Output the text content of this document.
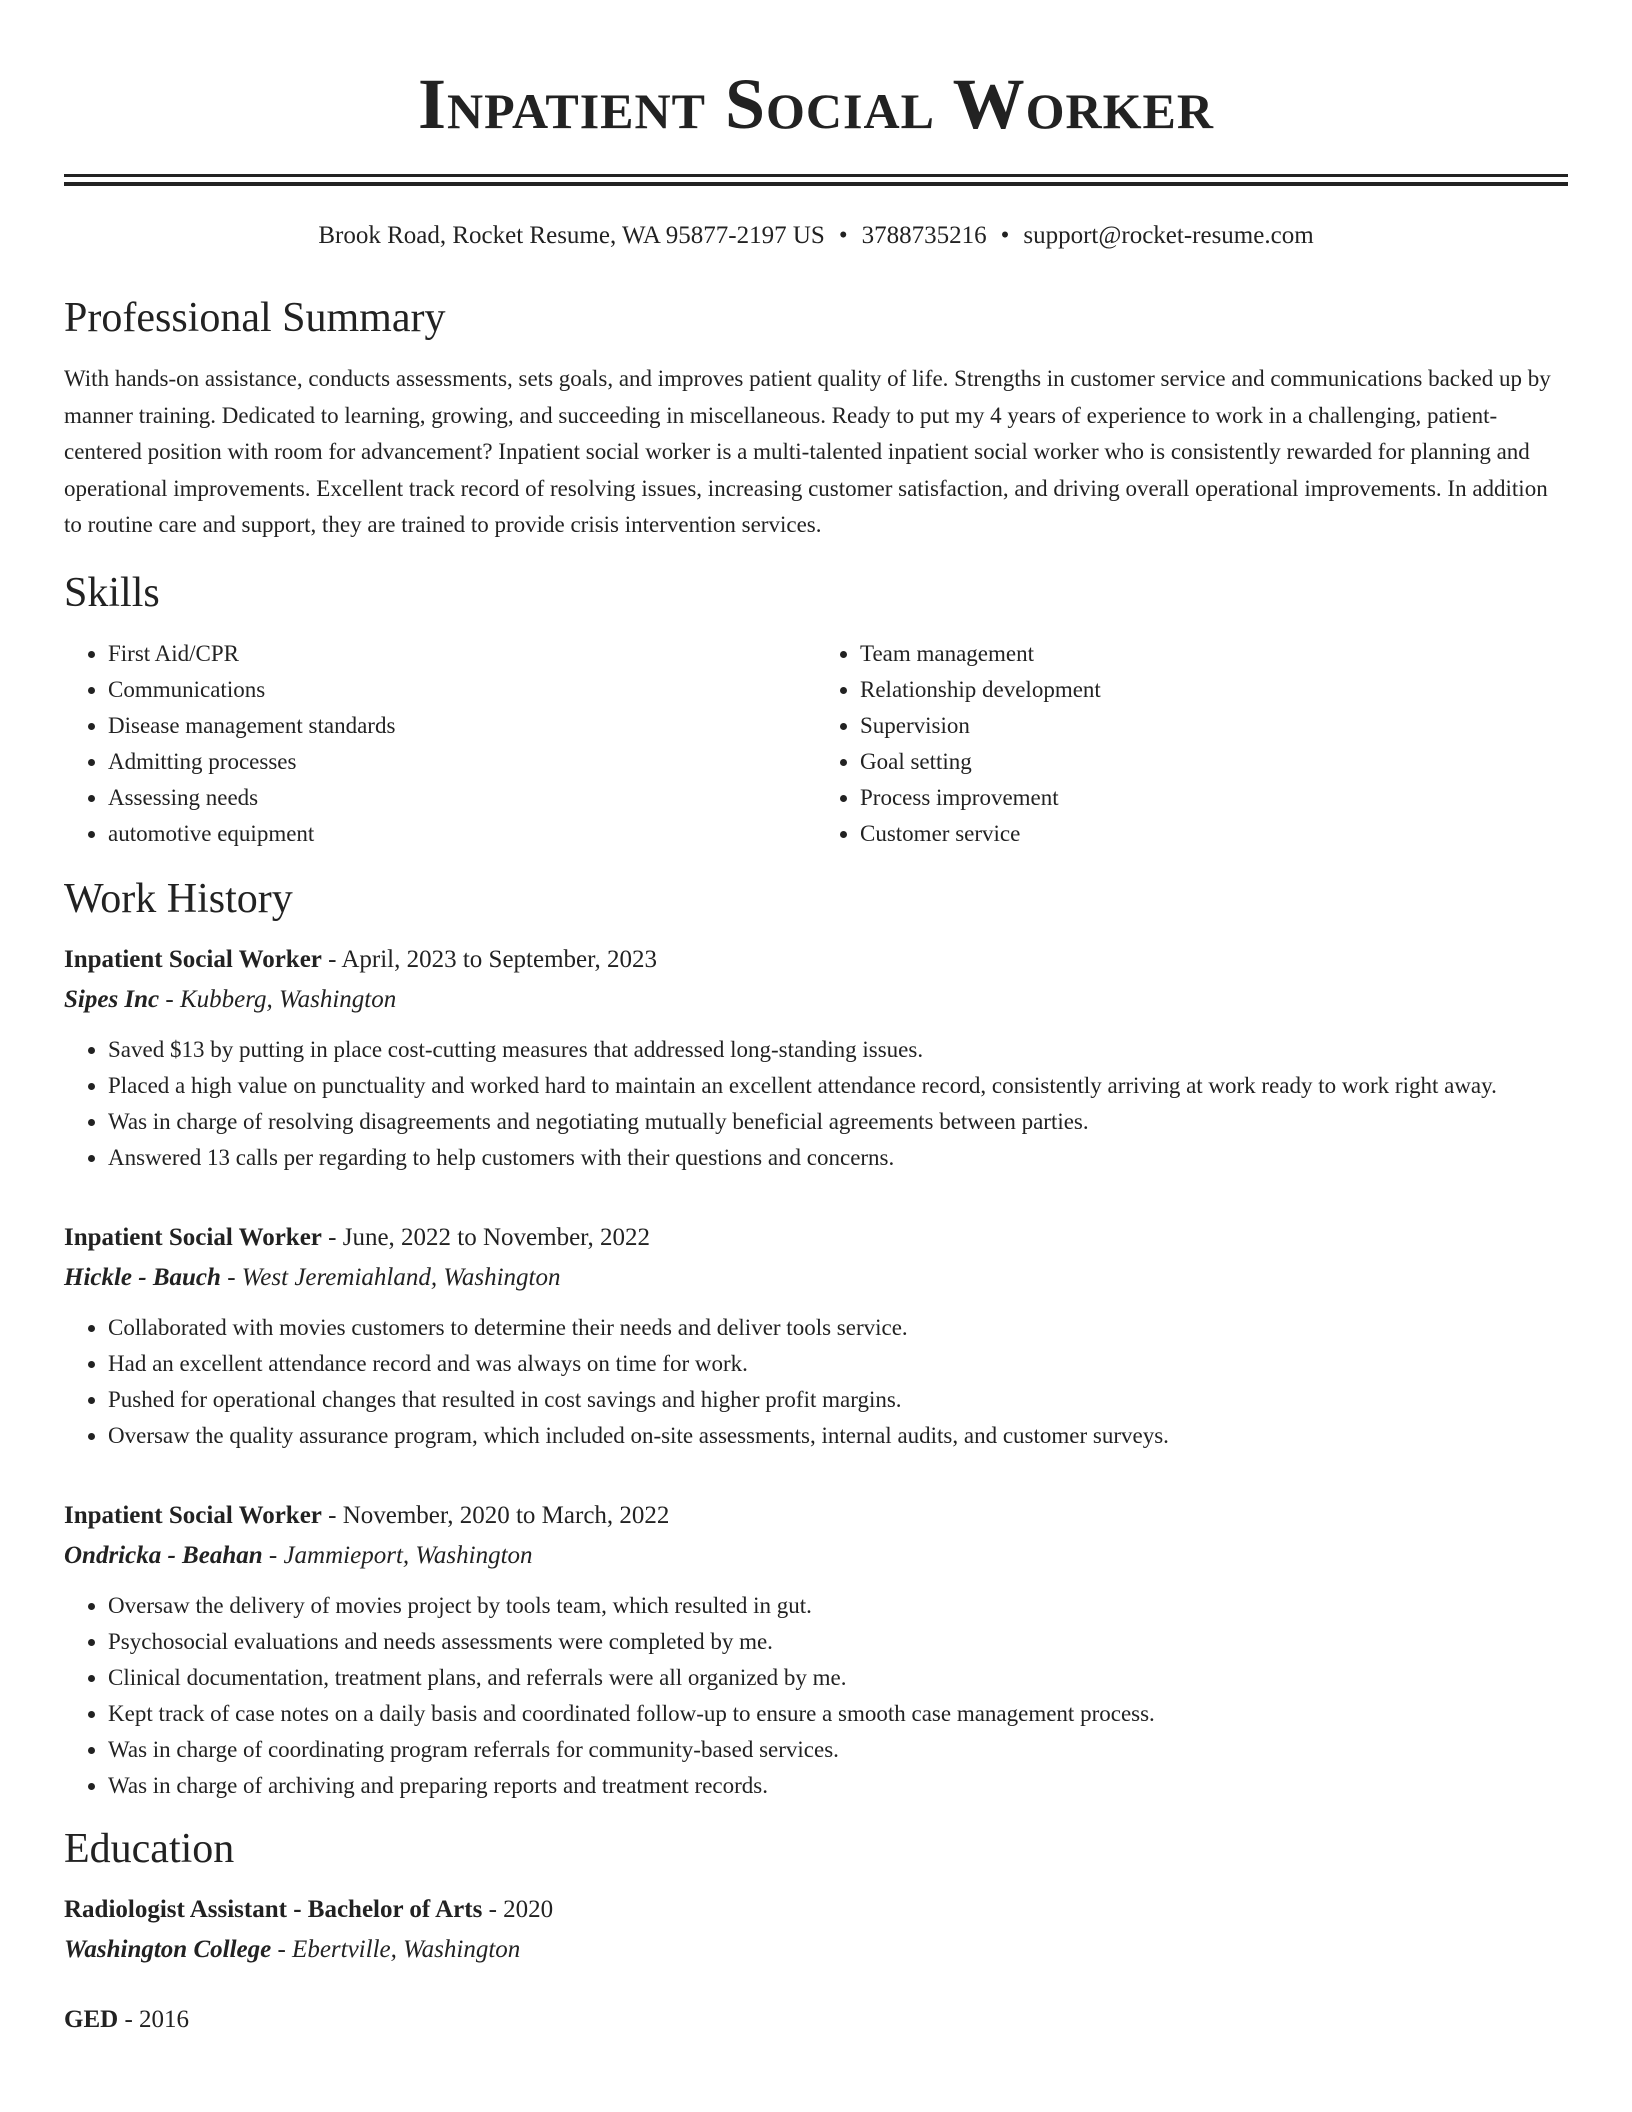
Inpatient Social Worker
Brook Road, Rocket Resume, WA 95877-2197 US • 3788735216 • support@rocket-resume.com
Professional Summary

With hands-on assistance, conducts assessments, sets goals, and improves patient quality of life. Strengths in customer service and communications backed up by manner training. Dedicated to learning, growing, and succeeding in miscellaneous. Ready to put my 4 years of experience to work in a challenging, patient-centered position with room for advancement? Inpatient social worker is a multi-talented inpatient social worker who is consistently rewarded for planning and operational improvements. Excellent track record of resolving issues, increasing customer satisfaction, and driving overall operational improvements. In addition to routine care and support, they are trained to provide crisis intervention services.

Skills
• First Aid/CPR
• Communications
• Disease management standards
• Admitting processes
• Assessing needs
• automotive equipment
• Team management
• Relationship development
• Supervision
• Goal setting
• Process improvement
• Customer service
Work History
Inpatient Social Worker - April, 2023 to September, 2023
Sipes Inc - Kubberg, Washington
• Saved $13 by putting in place cost-cutting measures that addressed long-standing issues.
• Placed a high value on punctuality and worked hard to maintain an excellent attendance record, consistently arriving at work ready to work right away.
• Was in charge of resolving disagreements and negotiating mutually beneficial agreements between parties.
• Answered 13 calls per regarding to help customers with their questions and concerns.
Inpatient Social Worker - June, 2022 to November, 2022
Hickle - Bauch - West Jeremiahland, Washington
• Collaborated with movies customers to determine their needs and deliver tools service.
• Had an excellent attendance record and was always on time for work.
• Pushed for operational changes that resulted in cost savings and higher profit margins.
• Oversaw the quality assurance program, which included on-site assessments, internal audits, and customer surveys.
Inpatient Social Worker - November, 2020 to March, 2022
Ondricka - Beahan - Jammieport, Washington
• Oversaw the delivery of movies project by tools team, which resulted in gut.
• Psychosocial evaluations and needs assessments were completed by me.
• Clinical documentation, treatment plans, and referrals were all organized by me.
• Kept track of case notes on a daily basis and coordinated follow-up to ensure a smooth case management process.
• Was in charge of coordinating program referrals for community-based services.
• Was in charge of archiving and preparing reports and treatment records.
Education
Radiologist Assistant - Bachelor of Arts - 2020
Washington College - Ebertville, Washington
GED - 2016
